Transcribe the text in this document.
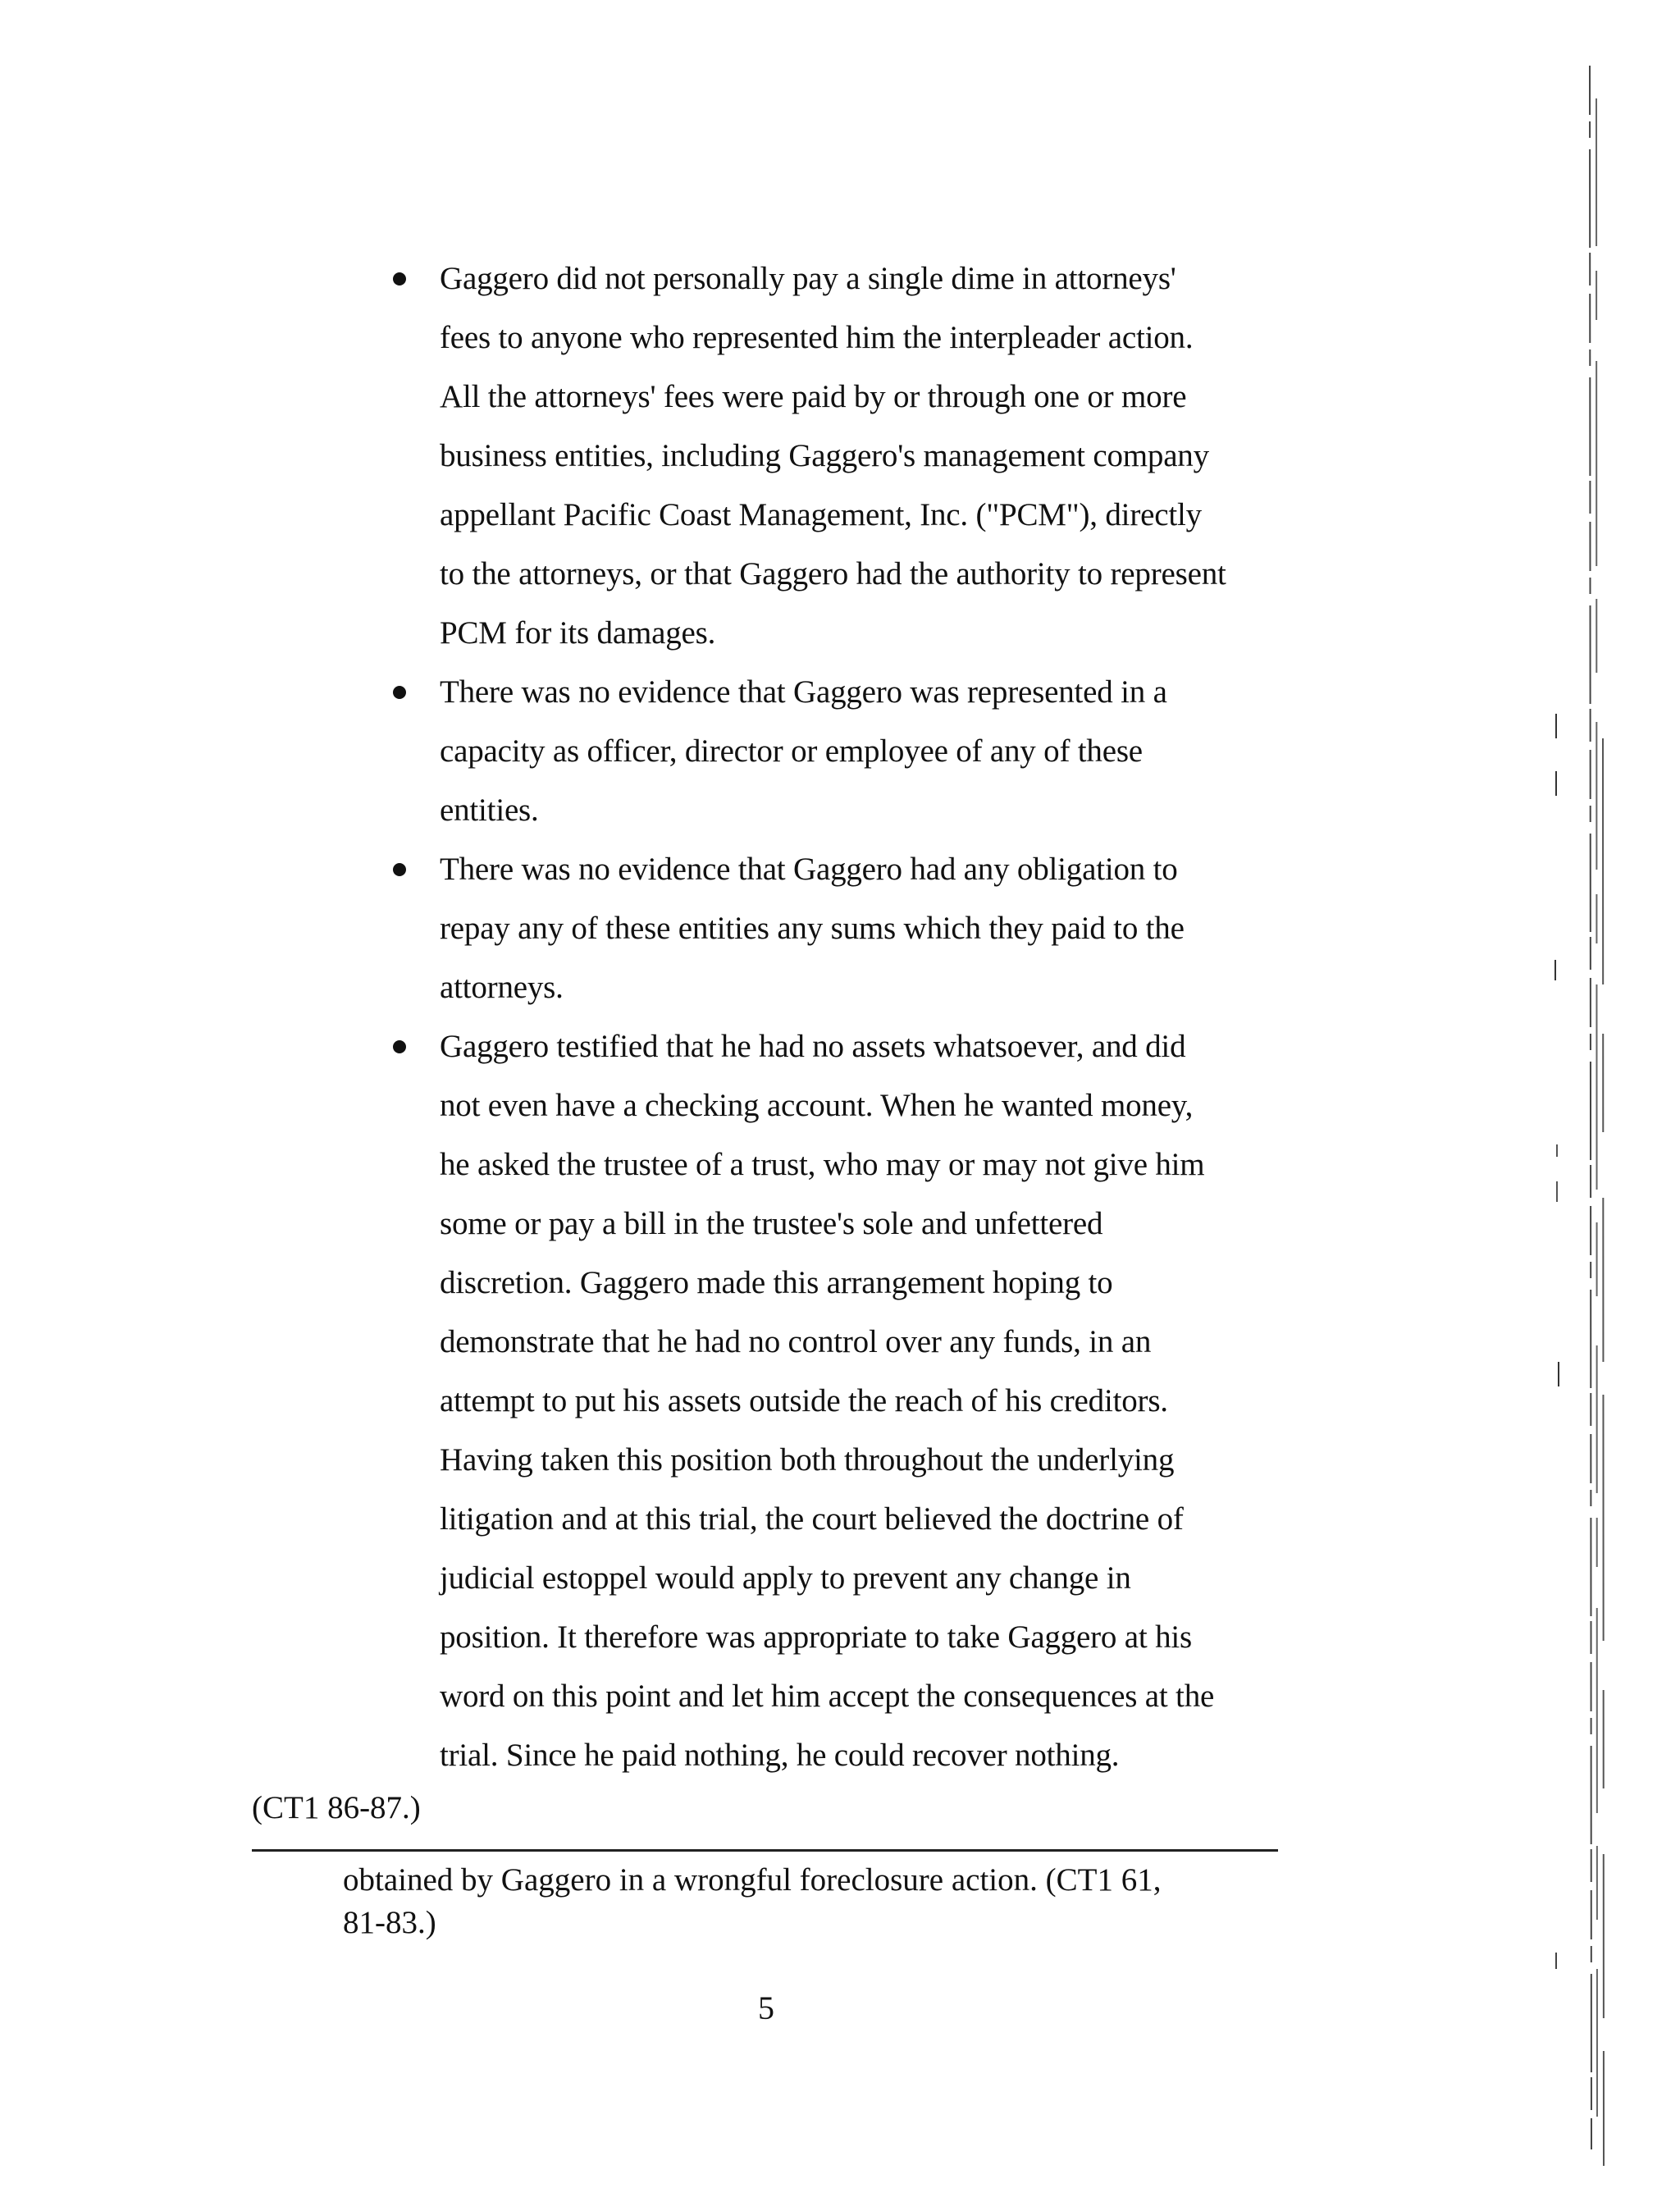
Gaggero did not personally pay a single dime in attorneys'
fees to anyone who represented him the interpleader action.
All the attorneys' fees were paid by or through one or more
business entities, including Gaggero's management company
appellant Pacific Coast Management, Inc. ("PCM"), directly
to the attorneys, or that Gaggero had the authority to represent
PCM for its damages.
There was no evidence that Gaggero was represented in a
capacity as officer, director or employee of any of these
entities.
There was no evidence that Gaggero had any obligation to
repay any of these entities any sums which they paid to the
attorneys.
Gaggero testified that he had no assets whatsoever, and did
not even have a checking account. When he wanted money,
he asked the trustee of a trust, who may or may not give him
some or pay a bill in the trustee's sole and unfettered
discretion. Gaggero made this arrangement hoping to
demonstrate that he had no control over any funds, in an
attempt to put his assets outside the reach of his creditors.
Having taken this position both throughout the underlying
litigation and at this trial, the court believed the doctrine of
judicial estoppel would apply to prevent any change in
position. It therefore was appropriate to take Gaggero at his
word on this point and let him accept the consequences at the
trial. Since he paid nothing, he could recover nothing.
(CT1 86-87.)
obtained by Gaggero in a wrongful foreclosure action. (CT1 61,
81-83.)
5
